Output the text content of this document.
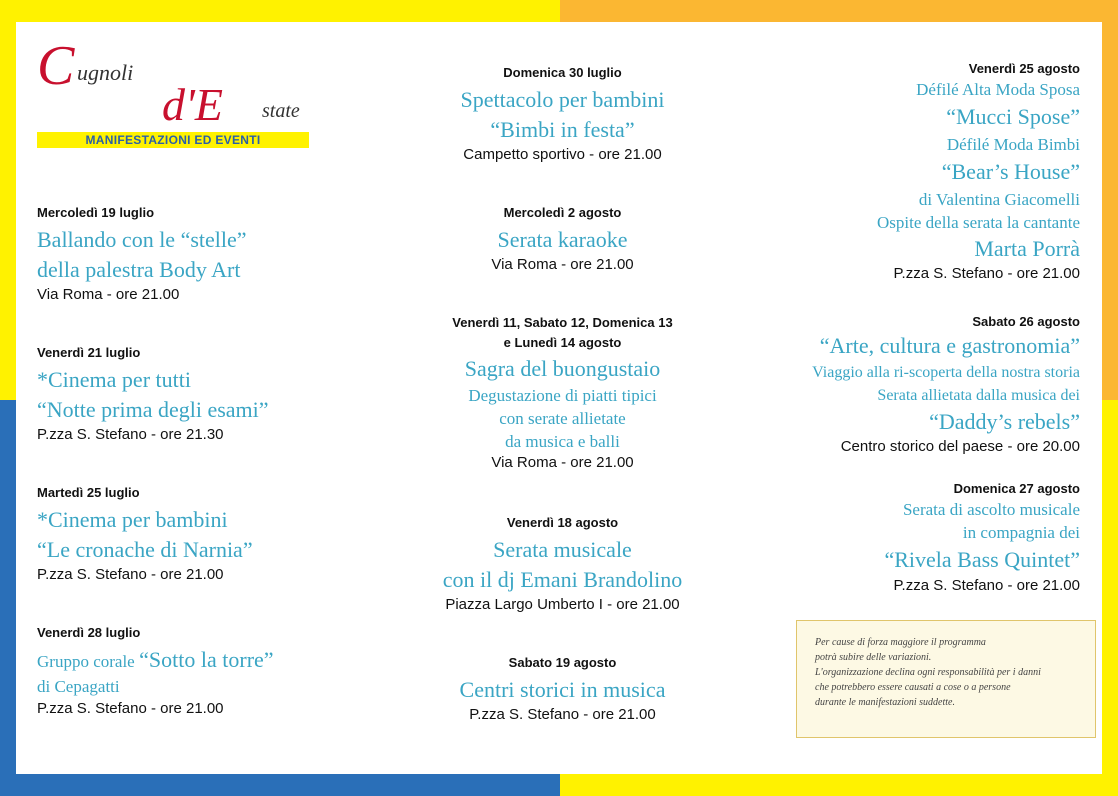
C ugnoli
d'E state
MANIFESTAZIONI ED EVENTI
Mercoledì 19 luglio
Ballando con le “stelle”
della palestra Body Art
Via Roma - ore 21.00
Venerdì 21 luglio
*Cinema per tutti
“Notte prima degli esami”
P.zza S. Stefano - ore 21.30
Martedì 25 luglio
*Cinema per bambini
“Le cronache di Narnia”
P.zza S. Stefano - ore 21.00
Venerdì 28 luglio
Gruppo corale “Sotto la torre”
di Cepagatti
P.zza S. Stefano - ore 21.00
Domenica 30 luglio
Spettacolo per bambini
“Bimbi in festa”
Campetto sportivo - ore 21.00
Mercoledì 2 agosto
Serata karaoke
Via Roma - ore 21.00
Venerdì 11, Sabato 12, Domenica 13
e Lunedì 14 agosto
Sagra del buongustaio
Degustazione di piatti tipici
con serate allietate
da musica e balli
Via Roma - ore 21.00
Venerdì 18 agosto
Serata musicale
con il dj Emani Brandolino
Piazza Largo Umberto I - ore 21.00
Sabato 19 agosto
Centri storici in musica
P.zza S. Stefano - ore 21.00
Venerdì 25 agosto
Défilé Alta Moda Sposa
“Mucci Spose”
Défilé Moda Bimbi
“Bear’s House”
di Valentina Giacomelli
Ospite della serata la cantante
Marta Porrà
P.zza S. Stefano - ore 21.00
Sabato 26 agosto
“Arte, cultura e gastronomia”
Viaggio alla ri-scoperta della nostra storia
Serata allietata dalla musica dei
“Daddy’s rebels”
Centro storico del paese - ore 20.00
Domenica 27 agosto
Serata di ascolto musicale
in compagnia dei
“Rivela Bass Quintet”
P.zza S. Stefano - ore 21.00

Per cause di forza maggiore il programma

potrà subire delle variazioni.

L'organizzazione declina ogni responsabilità per i danni

che potrebbero essere causati a cose o a persone

durante le manifestazioni suddette.
